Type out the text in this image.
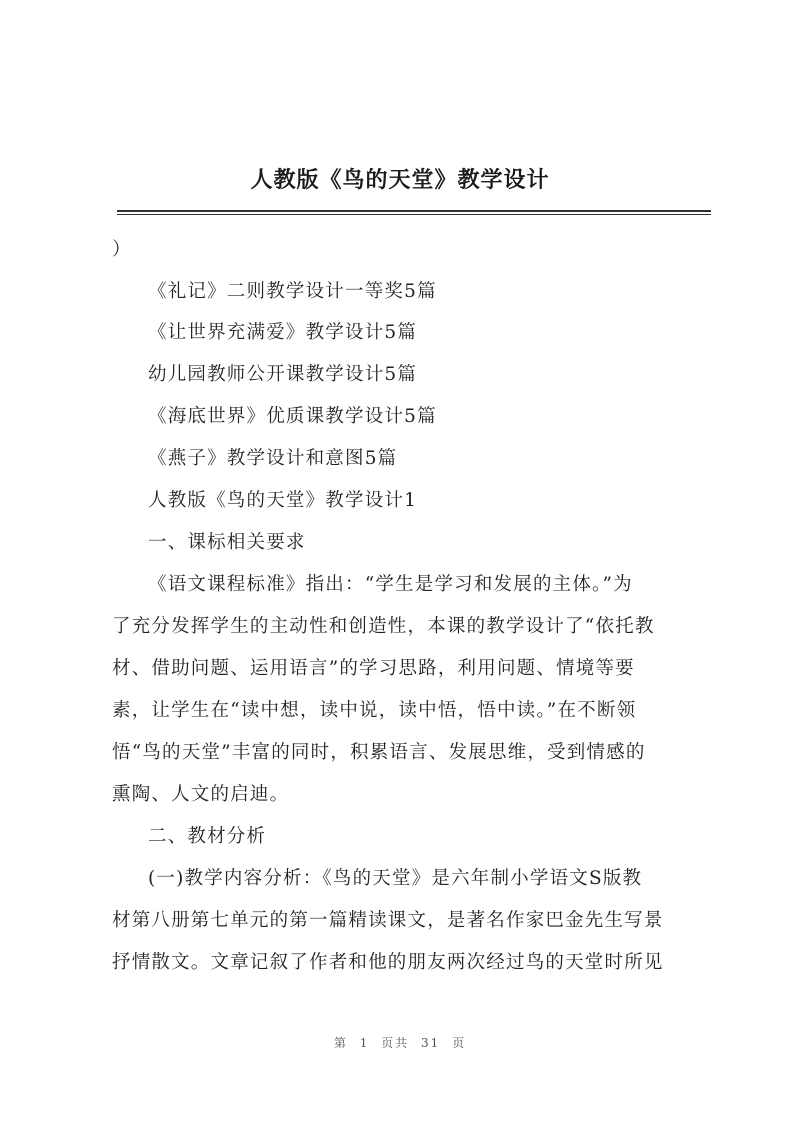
人教版《鸟的天堂》教学设计
）
《礼记》二则教学设计一等奖5篇
《让世界充满爱》教学设计5篇
幼儿园教师公开课教学设计5篇
《海底世界》优质课教学设计5篇
《燕子》教学设计和意图5篇
人教版《鸟的天堂》教学设计1
一、课标相关要求
《语文课程标准》指出：“学生是学习和发展的主体。”为
了充分发挥学生的主动性和创造性，本课的教学设计了“依托教
材、借助问题、运用语言”的学习思路，利用问题、情境等要
素，让学生在“读中想，读中说，读中悟，悟中读。”在不断领
悟“鸟的天堂”丰富的同时，积累语言、发展思维，受到情感的
熏陶、人文的启迪。
二、教材分析
(一)教学内容分析：《鸟的天堂》是六年制小学语文S版教
材第八册第七单元的第一篇精读课文，是著名作家巴金先生写景
抒情散文。文章记叙了作者和他的朋友两次经过鸟的天堂时所见
第 1 页共 31 页
